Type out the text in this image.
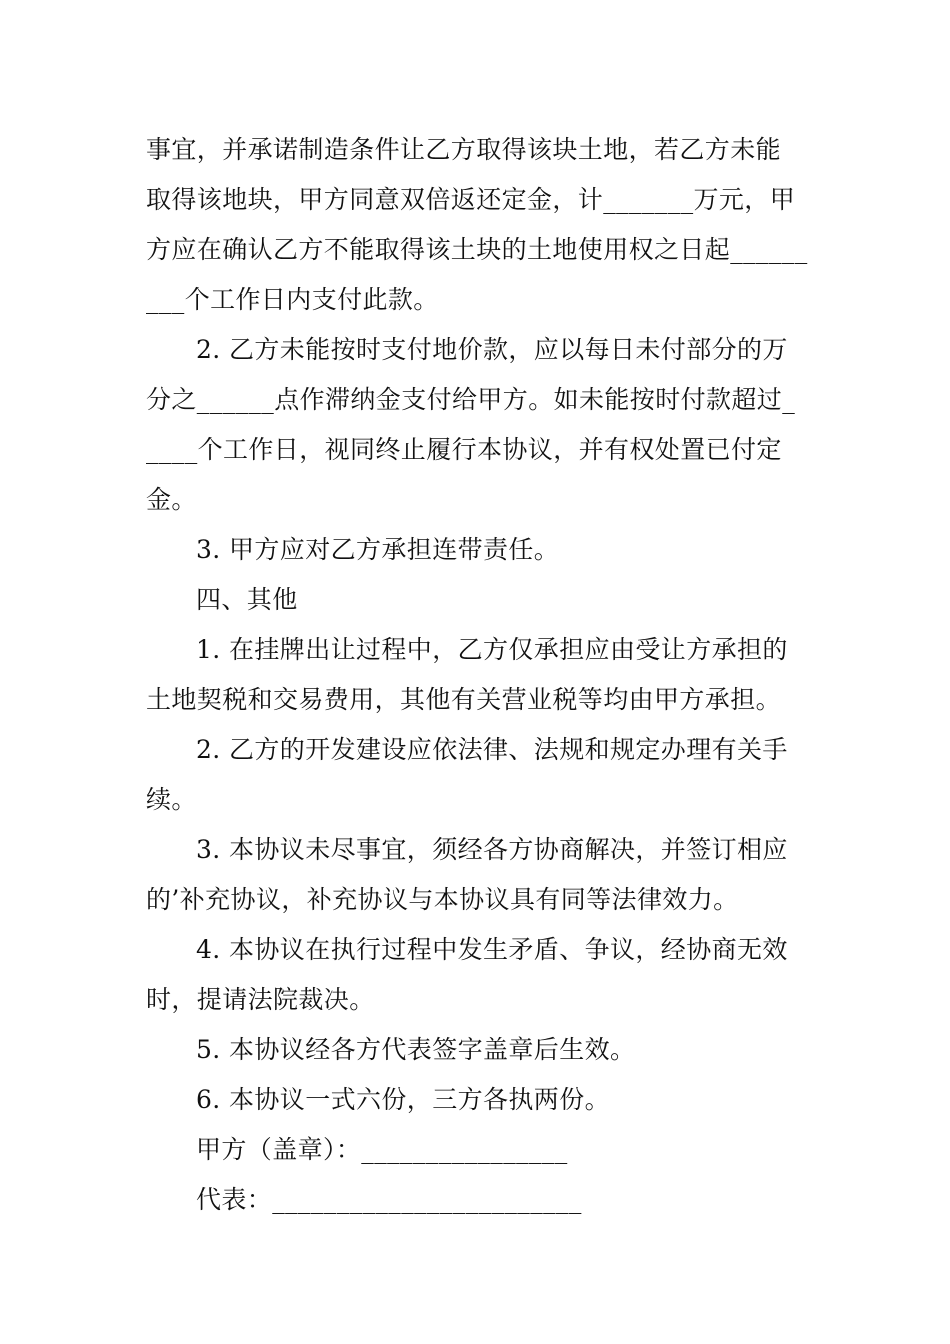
事宜，并承诺制造条件让乙方取得该块土地，若乙方未能
取得该地块，甲方同意双倍返还定金，计_______万元，甲
方应在确认乙方不能取得该土块的土地使用权之日起______
___个工作日内支付此款。
2. 乙方未能按时支付地价款，应以每日未付部分的万
分之______点作滞纳金支付给甲方。如未能按时付款超过_
____个工作日，视同终止履行本协议，并有权处置已付定
金。
3. 甲方应对乙方承担连带责任。
四、其他
1. 在挂牌出让过程中，乙方仅承担应由受让方承担的
土地契税和交易费用，其他有关营业税等均由甲方承担。
2. 乙方的开发建设应依法律、法规和规定办理有关手
续。
3. 本协议未尽事宜，须经各方协商解决，并签订相应
的’补充协议，补充协议与本协议具有同等法律效力。
4. 本协议在执行过程中发生矛盾、争议，经协商无效
时，提请法院裁决。
5. 本协议经各方代表签字盖章后生效。
6. 本协议一式六份，三方各执两份。
甲方（盖章）：________________
代表：________________________
